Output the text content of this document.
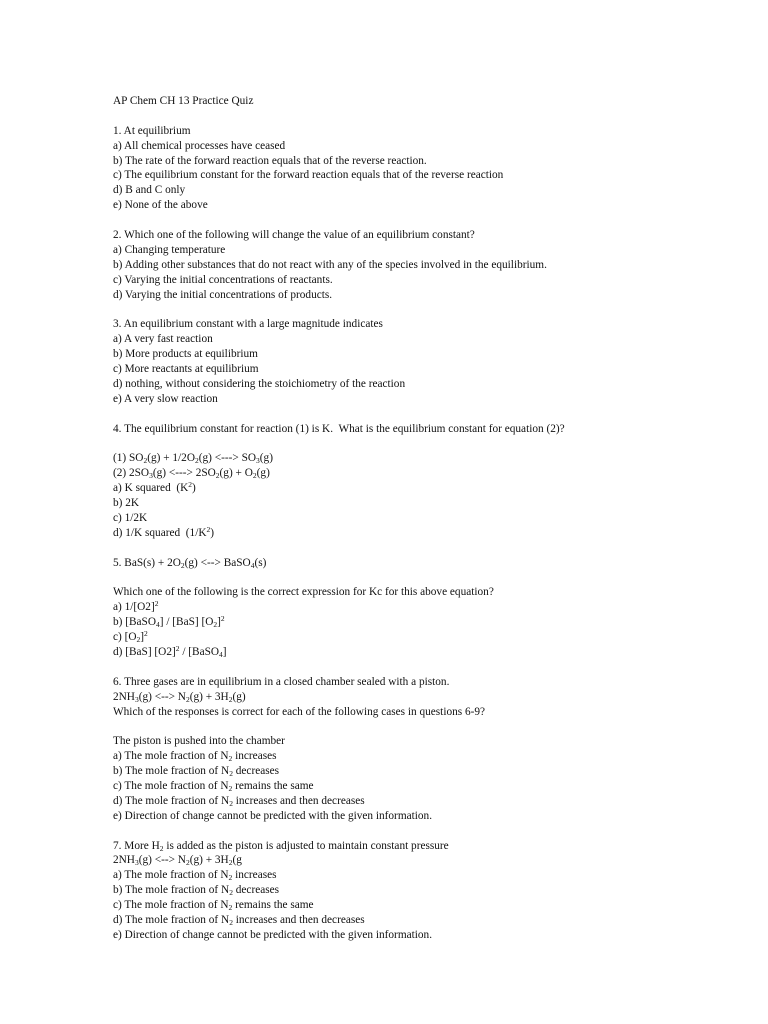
AP Chem CH 13 Practice Quiz
1. At equilibrium
a) All chemical processes have ceased
b) The rate of the forward reaction equals that of the reverse reaction.
c) The equilibrium constant for the forward reaction equals that of the reverse reaction
d) B and C only
e) None of the above
2. Which one of the following will change the value of an equilibrium constant?
a) Changing temperature
b) Adding other substances that do not react with any of the species involved in the equilibrium.
c) Varying the initial concentrations of reactants.
d) Varying the initial concentrations of products.
3. An equilibrium constant with a large magnitude indicates
a) A very fast reaction
b) More products at equilibrium
c) More reactants at equilibrium
d) nothing, without considering the stoichiometry of the reaction
e) A very slow reaction
4. The equilibrium constant for reaction (1) is K.  What is the equilibrium constant for equation (2)?
(1) $SO_2(g) + 1/2O_2(g)$ <---> $SO_3(g)$
(2) $2SO_3(g)$ <---> $2SO_2(g) + O_2(g)$
a) K squared  $(K^2)$
b) 2K
c) 1/2K
d) 1/K squared  $(1/K^2)$
5. $BaS(s) + 2O_2(g)$ <--> BaSO$_4$(s)
Which one of the following is the correct expression for Kc for this above equation?
a) $1/[O2]^2$
b) [BaSO$_4$] / [BaS] $[O_2]^2$
c) $[O_2]^2$
d) [BaS] $[O2]^2$ / [BaSO$_4$]
6. Three gases are in equilibrium in a closed chamber sealed with a piston.
$2NH_3(g)$ <--> $N_2(g) + 3H_2(g)$
Which of the responses is correct for each of the following cases in questions 6-9?
The piston is pushed into the chamber
a) The mole fraction of $N_2$ increases
b) The mole fraction of $N_2$ decreases
c) The mole fraction of $N_2$ remains the same
d) The mole fraction of $N_2$ increases and then decreases
e) Direction of change cannot be predicted with the given information.
7. More $H_2$ is added as the piston is adjusted to maintain constant pressure
$2NH_3(g)$ <--> $N_2(g) + 3H_2(g$
a) The mole fraction of $N_2$ increases
b) The mole fraction of $N_2$ decreases
c) The mole fraction of $N_2$ remains the same
d) The mole fraction of $N_2$ increases and then decreases
e) Direction of change cannot be predicted with the given information.
